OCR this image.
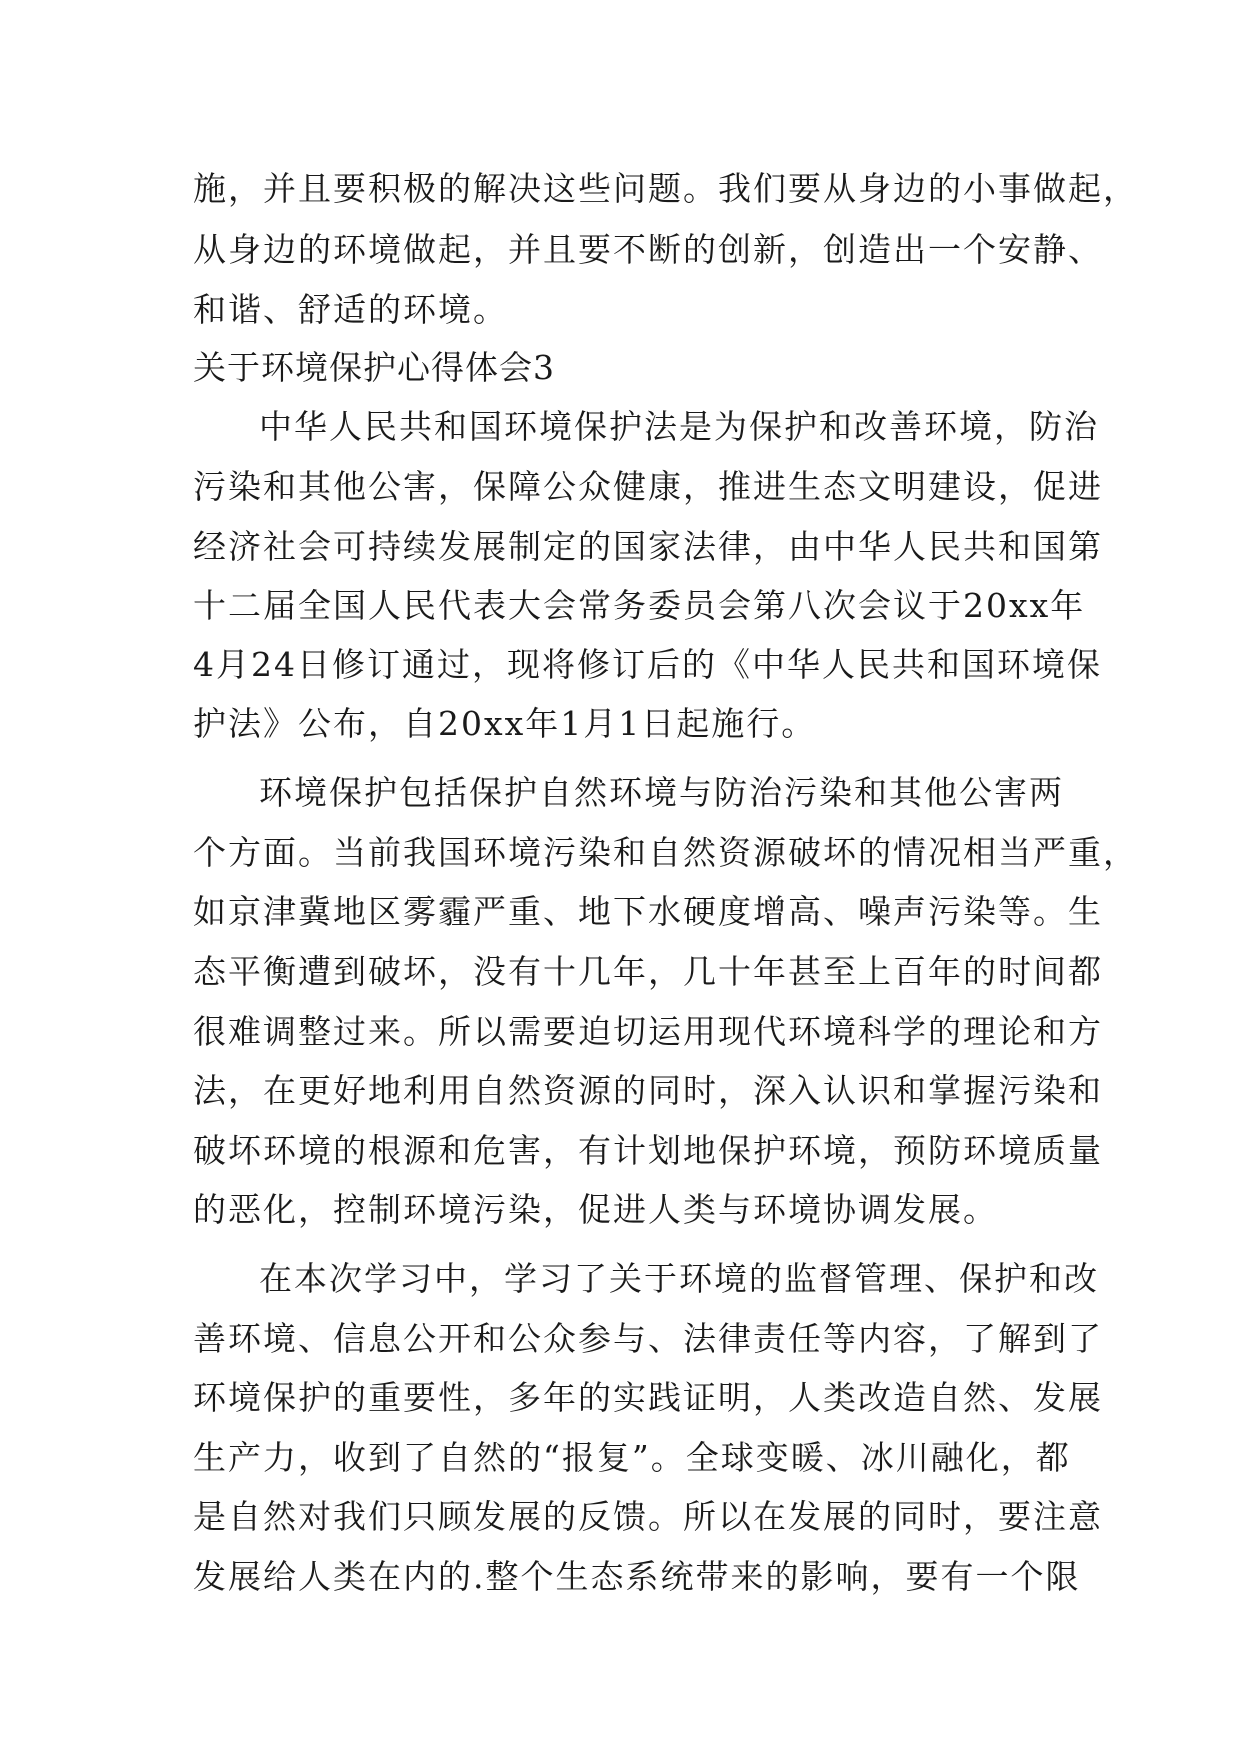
施，并且要积极的解决这些问题。我们要从身边的小事做起，
从身边的环境做起，并且要不断的创新，创造出一个安静、
和谐、舒适的环境。
关于环境保护心得体会3
中华人民共和国环境保护法是为保护和改善环境，防治
污染和其他公害，保障公众健康，推进生态文明建设，促进
经济社会可持续发展制定的国家法律，由中华人民共和国第
十二届全国人民代表大会常务委员会第八次会议于20xx年
4月24日修订通过，现将修订后的《中华人民共和国环境保
护法》公布，自20xx年1月1日起施行。
环境保护包括保护自然环境与防治污染和其他公害两
个方面。当前我国环境污染和自然资源破坏的情况相当严重，
如京津冀地区雾霾严重、地下水硬度增高、噪声污染等。生
态平衡遭到破坏，没有十几年，几十年甚至上百年的时间都
很难调整过来。所以需要迫切运用现代环境科学的理论和方
法，在更好地利用自然资源的同时，深入认识和掌握污染和
破坏环境的根源和危害，有计划地保护环境，预防环境质量
的恶化，控制环境污染，促进人类与环境协调发展。
在本次学习中，学习了关于环境的监督管理、保护和改
善环境、信息公开和公众参与、法律责任等内容，了解到了
环境保护的重要性，多年的实践证明，人类改造自然、发展
生产力，收到了自然的“报复”。全球变暖、冰川融化，都
是自然对我们只顾发展的反馈。所以在发展的同时，要注意
发展给人类在内的.整个生态系统带来的影响，要有一个限
